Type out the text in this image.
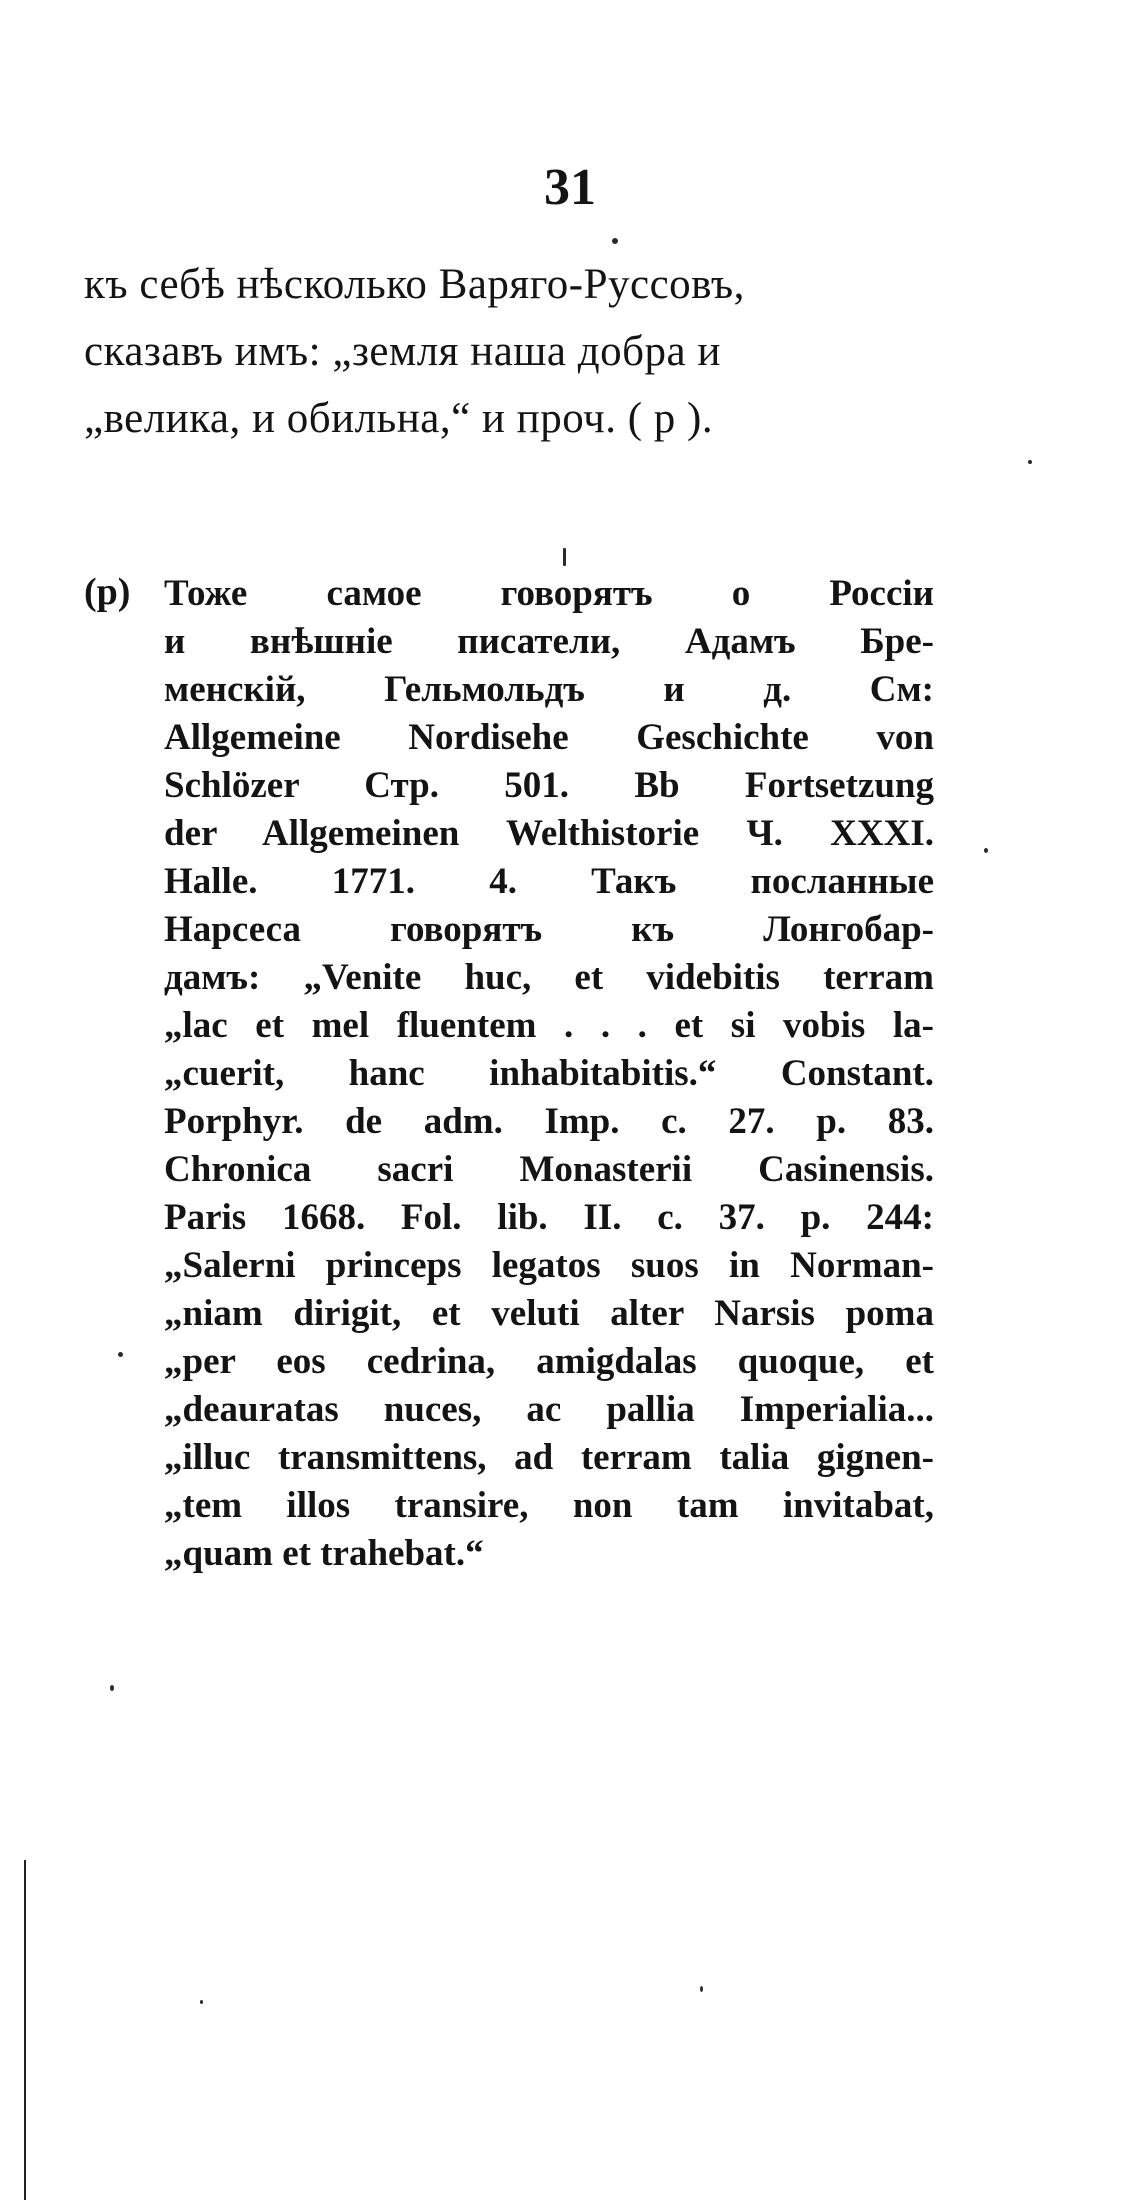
31
къ себѣ нѣсколько Варяго-Руссовъ,
сказавъ имъ: „земля наша добра и
„велика, и обильна,“ и проч. ( р ).
(р) Тоже самое говорятъ о Россіи
и внѣшніе писатели, Адамъ Бре-
менскій, Гельмольдъ и д. См:
Allgemeine Nordisehe Geschichte von
Schlözer Стр. 501. Bb Fortsetzung
der Allgemeinen Welthistorie Ч. XXXI.
Halle. 1771. 4. Такъ посланные
Нарсеса говорятъ къ Лонгобар-
дамъ: „Venite huc, et videbitis terram
„lac et mel fluentem . . . et si vobis la-
„cuerit, hanc inhabitabitis.“ Constant.
Porphyr. de adm. Imp. c. 27. p. 83.
Chronica sacri Monasterii Casinensis.
Paris 1668. Fol. lib. II. c. 37. p. 244:
„Salerni princeps legatos suos in Norman-
„niam dirigit, et veluti alter Narsis poma
„per eos cedrina, amigdalas quoque, et
„deauratas nuces, ac pallia Imperialia...
„illuc transmittens, ad terram talia gignen-
„tem illos transire, non tam invitabat,
„quam et trahebat.“
